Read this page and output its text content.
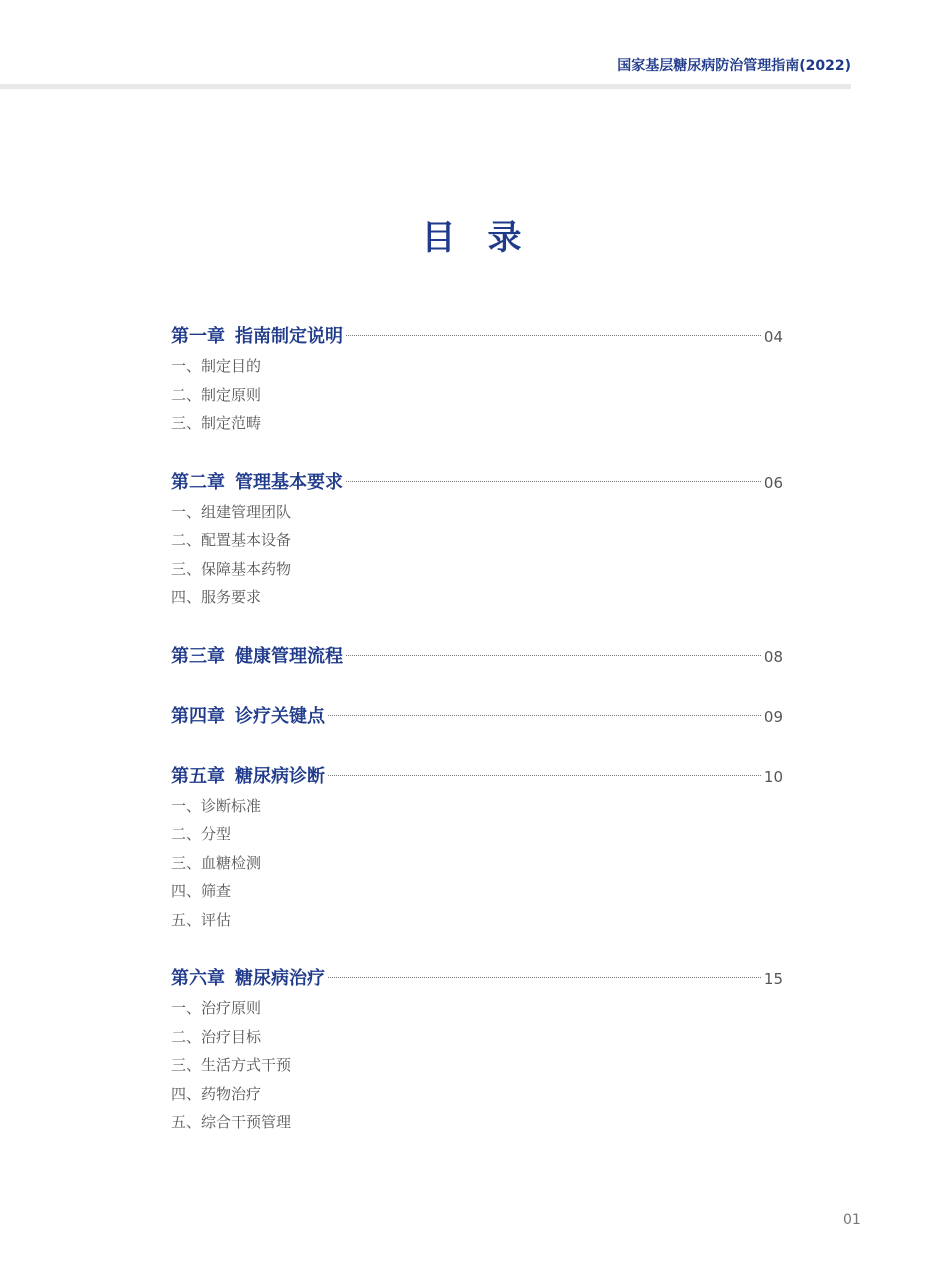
国家基层糖尿病防治管理指南(2022)
目录
第一章 指南制定说明	04
一、制定目的
二、制定原则
三、制定范畴
第二章 管理基本要求	06
一、组建管理团队
二、配置基本设备
三、保障基本药物
四、服务要求
第三章 健康管理流程	08
第四章 诊疗关键点	09
第五章 糖尿病诊断	10
一、诊断标准
二、分型
三、血糖检测
四、筛查
五、评估
第六章 糖尿病治疗	15
一、治疗原则
二、治疗目标
三、生活方式干预
四、药物治疗
五、综合干预管理
01
